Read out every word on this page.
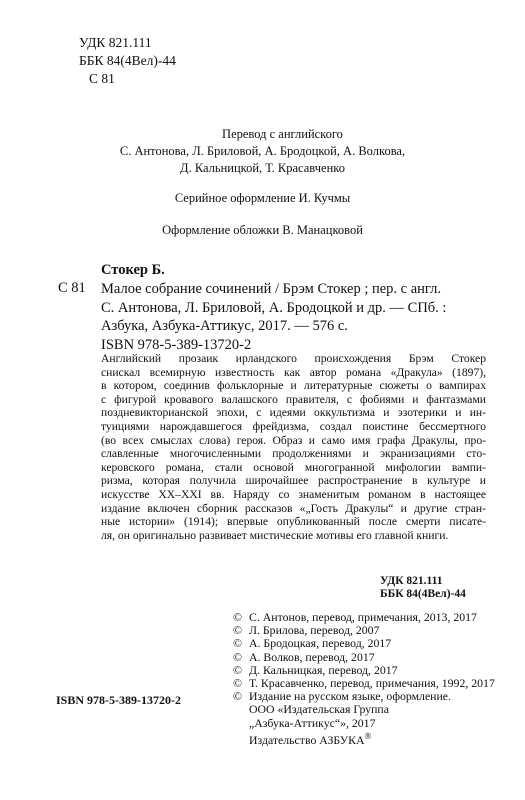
УДК 821.111
ББК 84(4Вел)-44
С 81
Перевод с английского
С. Антонова, Л. Бриловой, А. Бродоцкой, А. Волкова,
Д. Кальницкой, Т. Красавченко
Серийное оформление И. Кучмы
Оформление обложки В. Манацковой
Стокер Б.
С 81 Малое собрание сочинений / Брэм Стокер ; пер. с англ.
С. Антонова, Л. Бриловой, А. Бродоцкой и др. — СПб. :
Азбука, Азбука-Аттикус, 2017. — 576 с.
ISBN 978-5-389-13720-2
Английский прозаик ирландского происхождения Брэм Стокер
снискал всемирную известность как автор романа «Дракула» (1897),
в котором, соединив фольклорные и литературные сюжеты о вампирах
с фигурой кровавого валашского правителя, с фобиями и фантазмами
поздневикторианской эпохи, с идеями оккультизма и эзотерики и ин-
туициями нарождавшегося фрейдизма, создал поистине бессмертного
(во всех смыслах слова) героя. Образ и само имя графа Дракулы, про-
славленные многочисленными продолжениями и экранизациями сто-
керовского романа, стали основой многогранной мифологии вампи-
ризма, которая получила широчайшее распространение в культуре и
искусстве XX–XXI вв. Наряду со знаменитым романом в настоящее
издание включен сборник рассказов «„Гость Дракулы“ и другие стран-
ные истории» (1914); впервые опубликованный после смерти писате-
ля, он оригинально развивает мистические мотивы его главной книги.
УДК 821.111
ББК 84(4Вел)-44
© С. Антонов, перевод, примечания, 2013, 2017
© Л. Брилова, перевод, 2007
© А. Бродоцкая, перевод, 2017
© А. Волков, перевод, 2017
© Д. Кальницкая, перевод, 2017
© Т. Красавченко, перевод, примечания, 1992, 2017
© Издание на русском языке, оформление.
ООО «Издательская Группа
„Азбука-Аттикус“», 2017
Издательство АЗБУКА®
ISBN 978-5-389-13720-2
